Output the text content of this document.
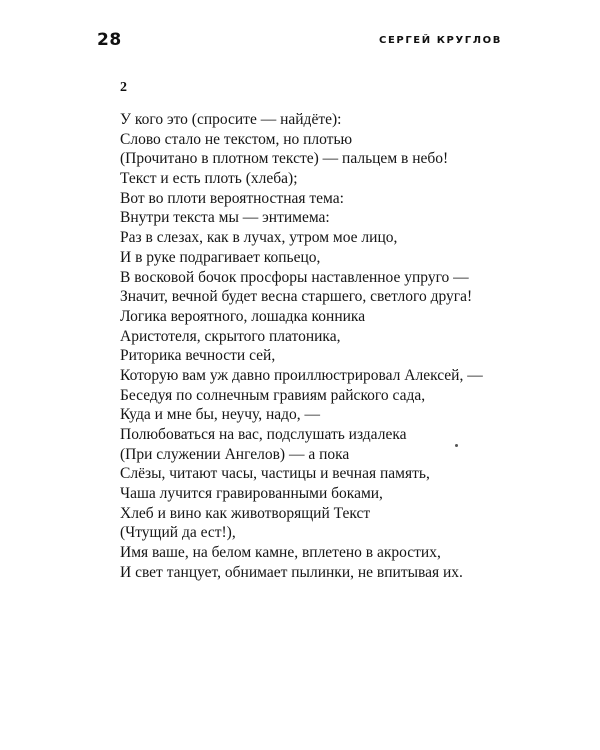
28	СЕРГЕЙ КРУГЛОВ
2
У кого это (спросите — найдёте):
Слово стало не текстом, но плотью
(Прочитано в плотном тексте) — пальцем в небо!
Текст и есть плоть (хлеба);
Вот во плоти вероятностная тема:
Внутри текста мы — энтимема:
Раз в слезах, как в лучах, утром мое лицо,
И в руке подрагивает копьецо,
В восковой бочок просфоры наставленное упруго —
Значит, вечной будет весна старшего, светлого друга!
Логика вероятного, лошадка конника
Аристотеля, скрытого платоника,
Риторика вечности сей,
Которую вам уж давно проиллюстрировал Алексей, —
Беседуя по солнечным гравиям райского сада,
Куда и мне бы, неучу, надо, —
Полюбоваться на вас, подслушать издалека
(При служении Ангелов) — а пока
Слёзы, читают часы, частицы и вечная память,
Чаша лучится гравированными боками,
Хлеб и вино как животворящий Текст
(Чтущий да ест!),
Имя ваше, на белом камне, вплетено в акростих,
И свет танцует, обнимает пылинки, не впитывая их.
